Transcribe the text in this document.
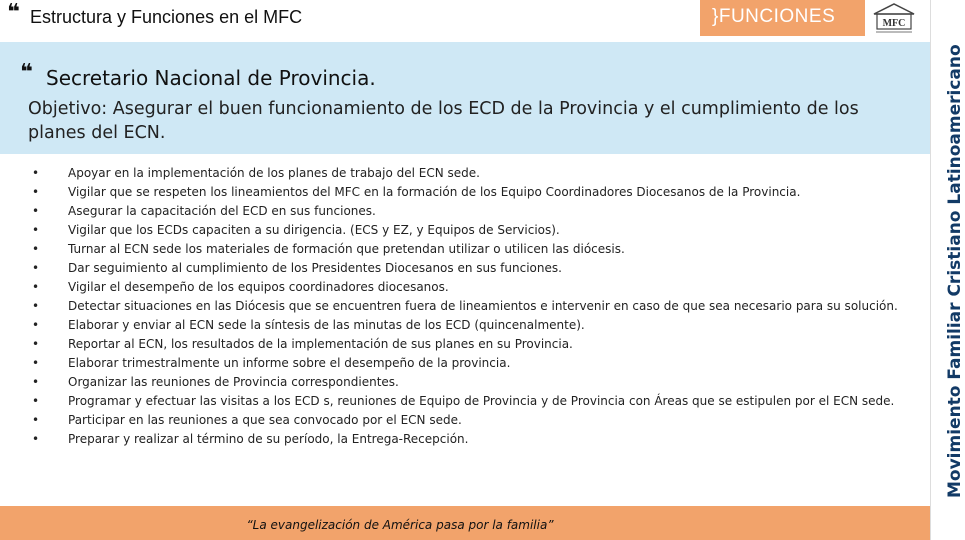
❝ Estructura y Funciones en el MFC	}FUNCIONES	MFC
❝ Secretario Nacional de Provincia.
Objetivo: Asegurar el buen funcionamiento de los ECD de la Provincia y el cumplimiento de los planes del ECN.
• Apoyar en la implementación de los planes de trabajo del ECN sede.
• Vigilar que se respeten los lineamientos del MFC en la formación de los Equipo Coordinadores Diocesanos de la Provincia.
• Asegurar la capacitación del ECD en sus funciones.
• Vigilar que los ECDs capaciten a su dirigencia. (ECS y EZ, y Equipos de Servicios).
• Turnar al ECN sede los materiales de formación que pretendan utilizar o utilicen las diócesis.
• Dar seguimiento al cumplimiento de los Presidentes Diocesanos en sus funciones.
• Vigilar el desempeño de los equipos coordinadores diocesanos.
• Detectar situaciones en las Diócesis que se encuentren fuera de lineamientos e intervenir en caso de que sea necesario para su solución.
• Elaborar y enviar al ECN sede la síntesis de las minutas de los ECD (quincenalmente).
• Reportar al ECN, los resultados de la implementación de sus planes en su Provincia.
• Elaborar trimestralmente un informe sobre el desempeño de la provincia.
• Organizar las reuniones de Provincia correspondientes.
• Programar y efectuar las visitas a los ECD s, reuniones de Equipo de Provincia y de Provincia con Áreas que se estipulen por el ECN sede.
• Participar en las reuniones a que sea convocado por el ECN sede.
• Preparar y realizar al término de su período, la Entrega-Recepción.
“La evangelización de América pasa por la familia”
Movimiento Familiar Cristiano Latinoamericano
